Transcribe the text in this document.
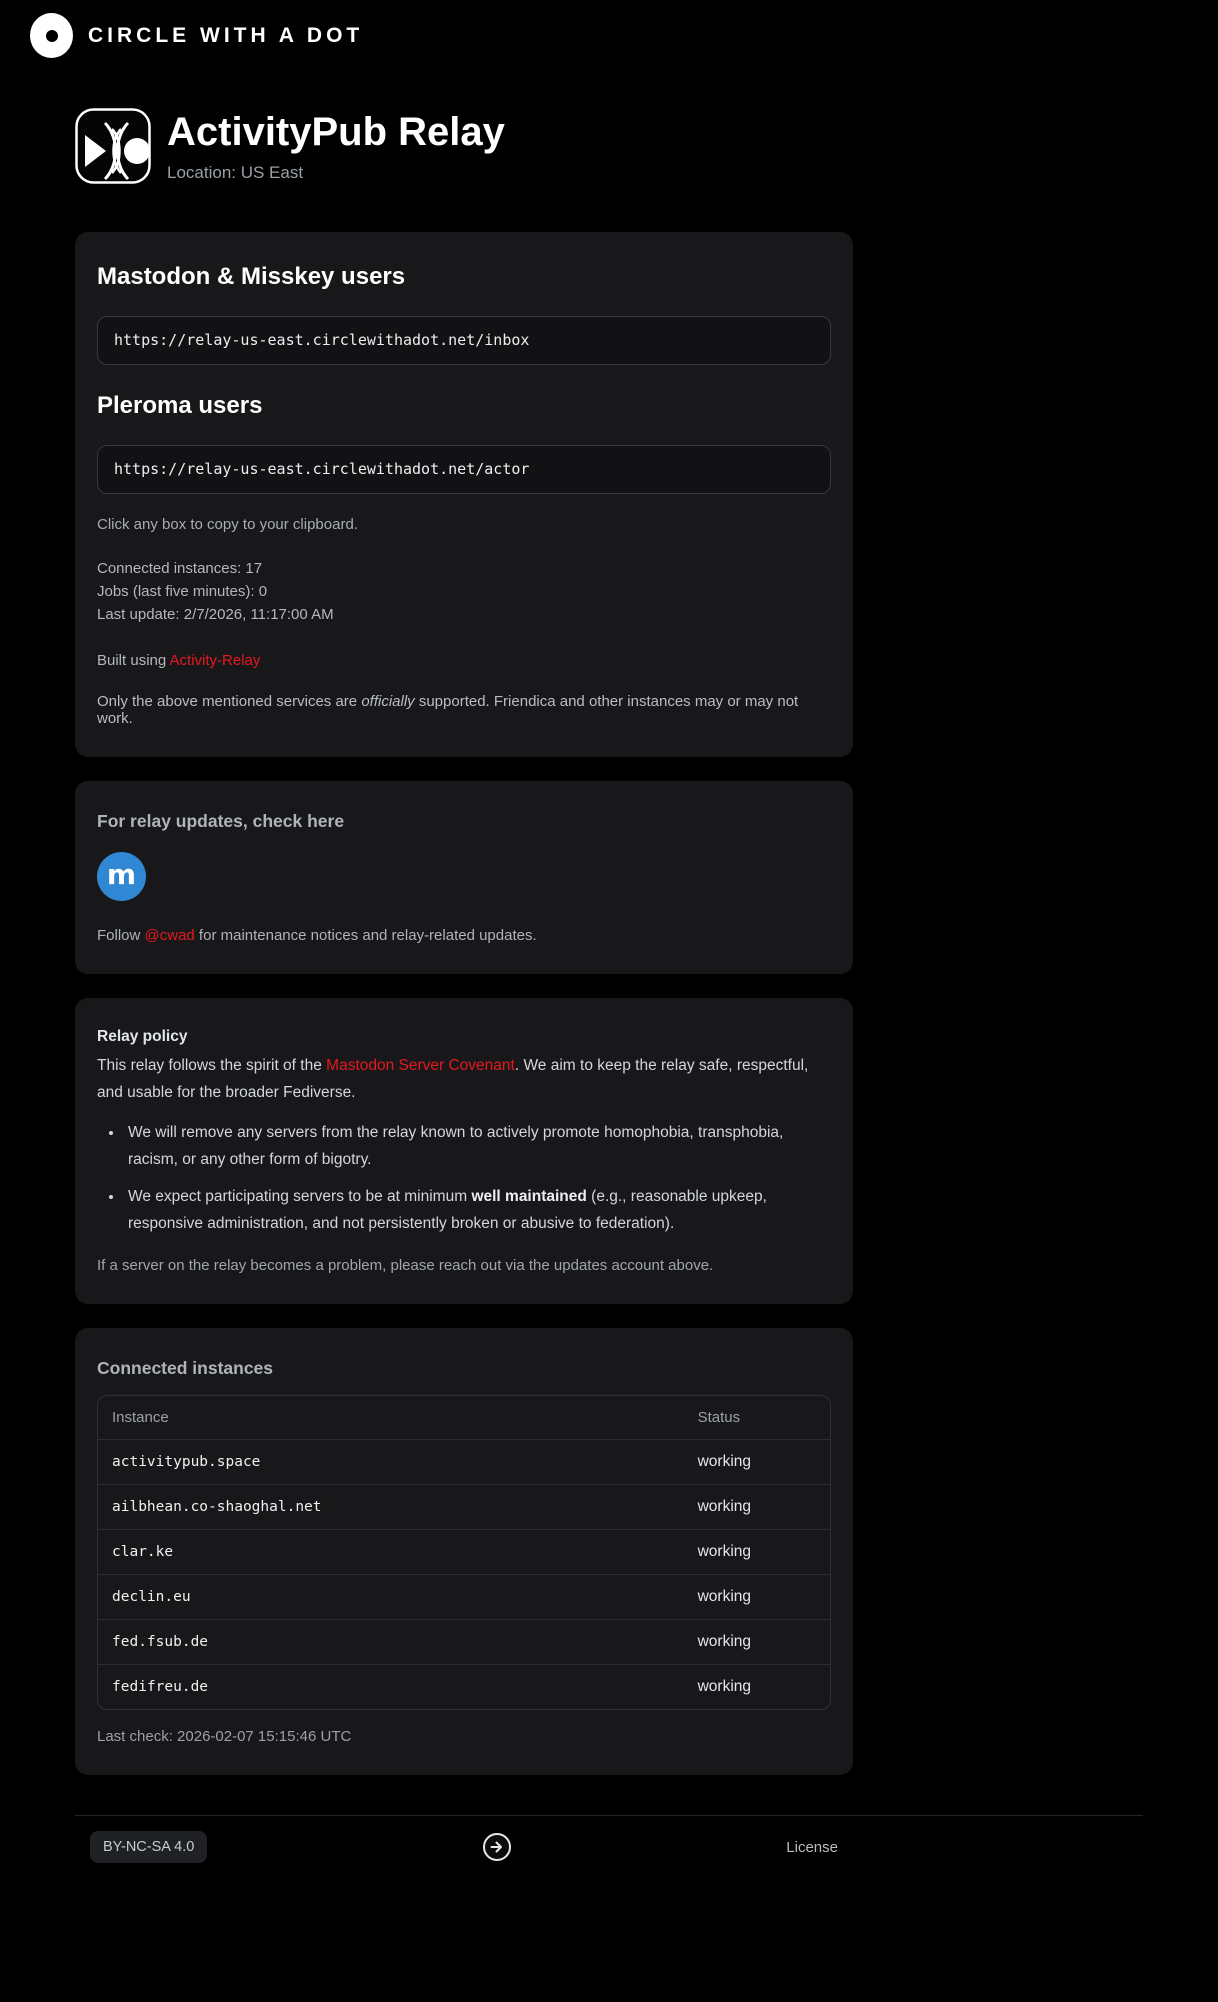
CIRCLE WITH A DOT
ActivityPub Relay
Location: US East
Mastodon & Misskey users
https://relay-us-east.circlewithadot.net/inbox
Pleroma users
https://relay-us-east.circlewithadot.net/actor

Click any box to copy to your clipboard.

Connected instances: 17
Jobs (last five minutes): 0
Last update: 2/7/2026, 11:17:00 AM

Built using Activity-Relay

Only the above mentioned services are officially supported. Friendica and other instances may or may not work.

For relay updates, check here
m

Follow @cwad for maintenance notices and relay-related updates.

Relay policy

This relay follows the spirit of the Mastodon Server Covenant. We aim to keep the relay safe, respectful, and usable for the broader Fediverse.

• We will remove any servers from the relay known to actively promote homophobia, transphobia, racism, or any other form of bigotry.
• We expect participating servers to be at minimum well maintained (e.g., reasonable upkeep, responsive administration, and not persistently broken or abusive to federation).

If a server on the relay becomes a problem, please reach out via the updates account above.

Connected instances
Instance	Status
activitypub.space	working
ailbhean.co-shaoghal.net	working
clar.ke	working
declin.eu	working
fed.fsub.de	working
fedifreu.de	working

Last check: 2026-02-07 15:15:46 UTC

BY-NC-SA 4.0	License
